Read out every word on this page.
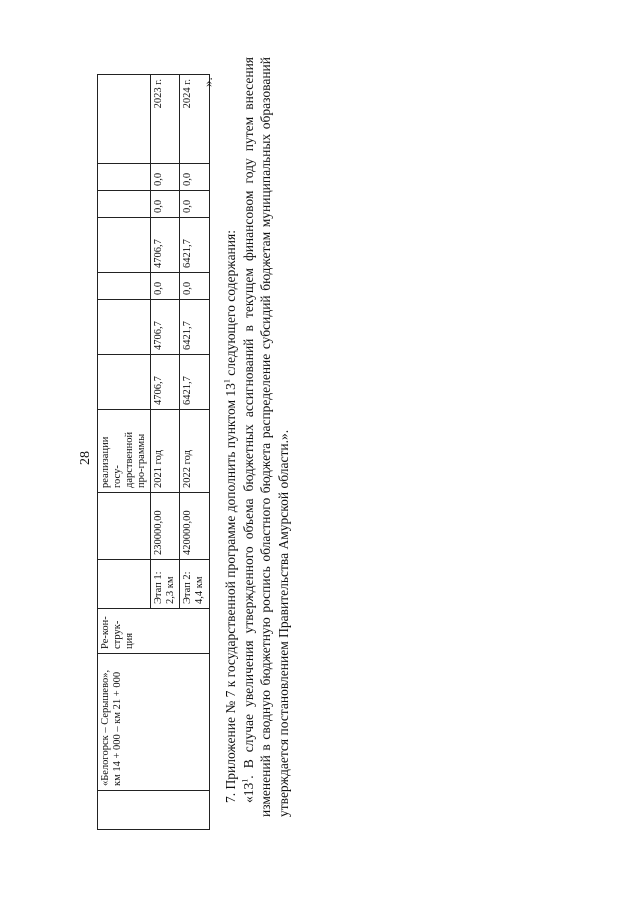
28
	«Белогорск – Серышево», км 14 + 000 – км 21 + 000	Ре-кон-струк-ция			реализации госу-дарственной про-граммы							
			Этап 1: 2,3 км	230000,00	2021 год	4706,7	4706,7	0,0	4706,7	0,0	0,0	2023 г.
			Этап 2: 4,4 км	420000,00	2022 год	6421,7	6421,7	0,0	6421,7	0,0	0,0	2024 г. ».

7. Приложение № 7 к государственной программе дополнить пунктом $13^1$ следующего содержания:

«$13^1$. В случае увеличения утвержденного объема бюджетных ассигнований в текущем финансовом году путем внесения изменений в сводную бюджетную роспись областного бюджета распределение субсидий бюджетам муниципальных образований утверждается постановлением Правительства Амурской области.».
